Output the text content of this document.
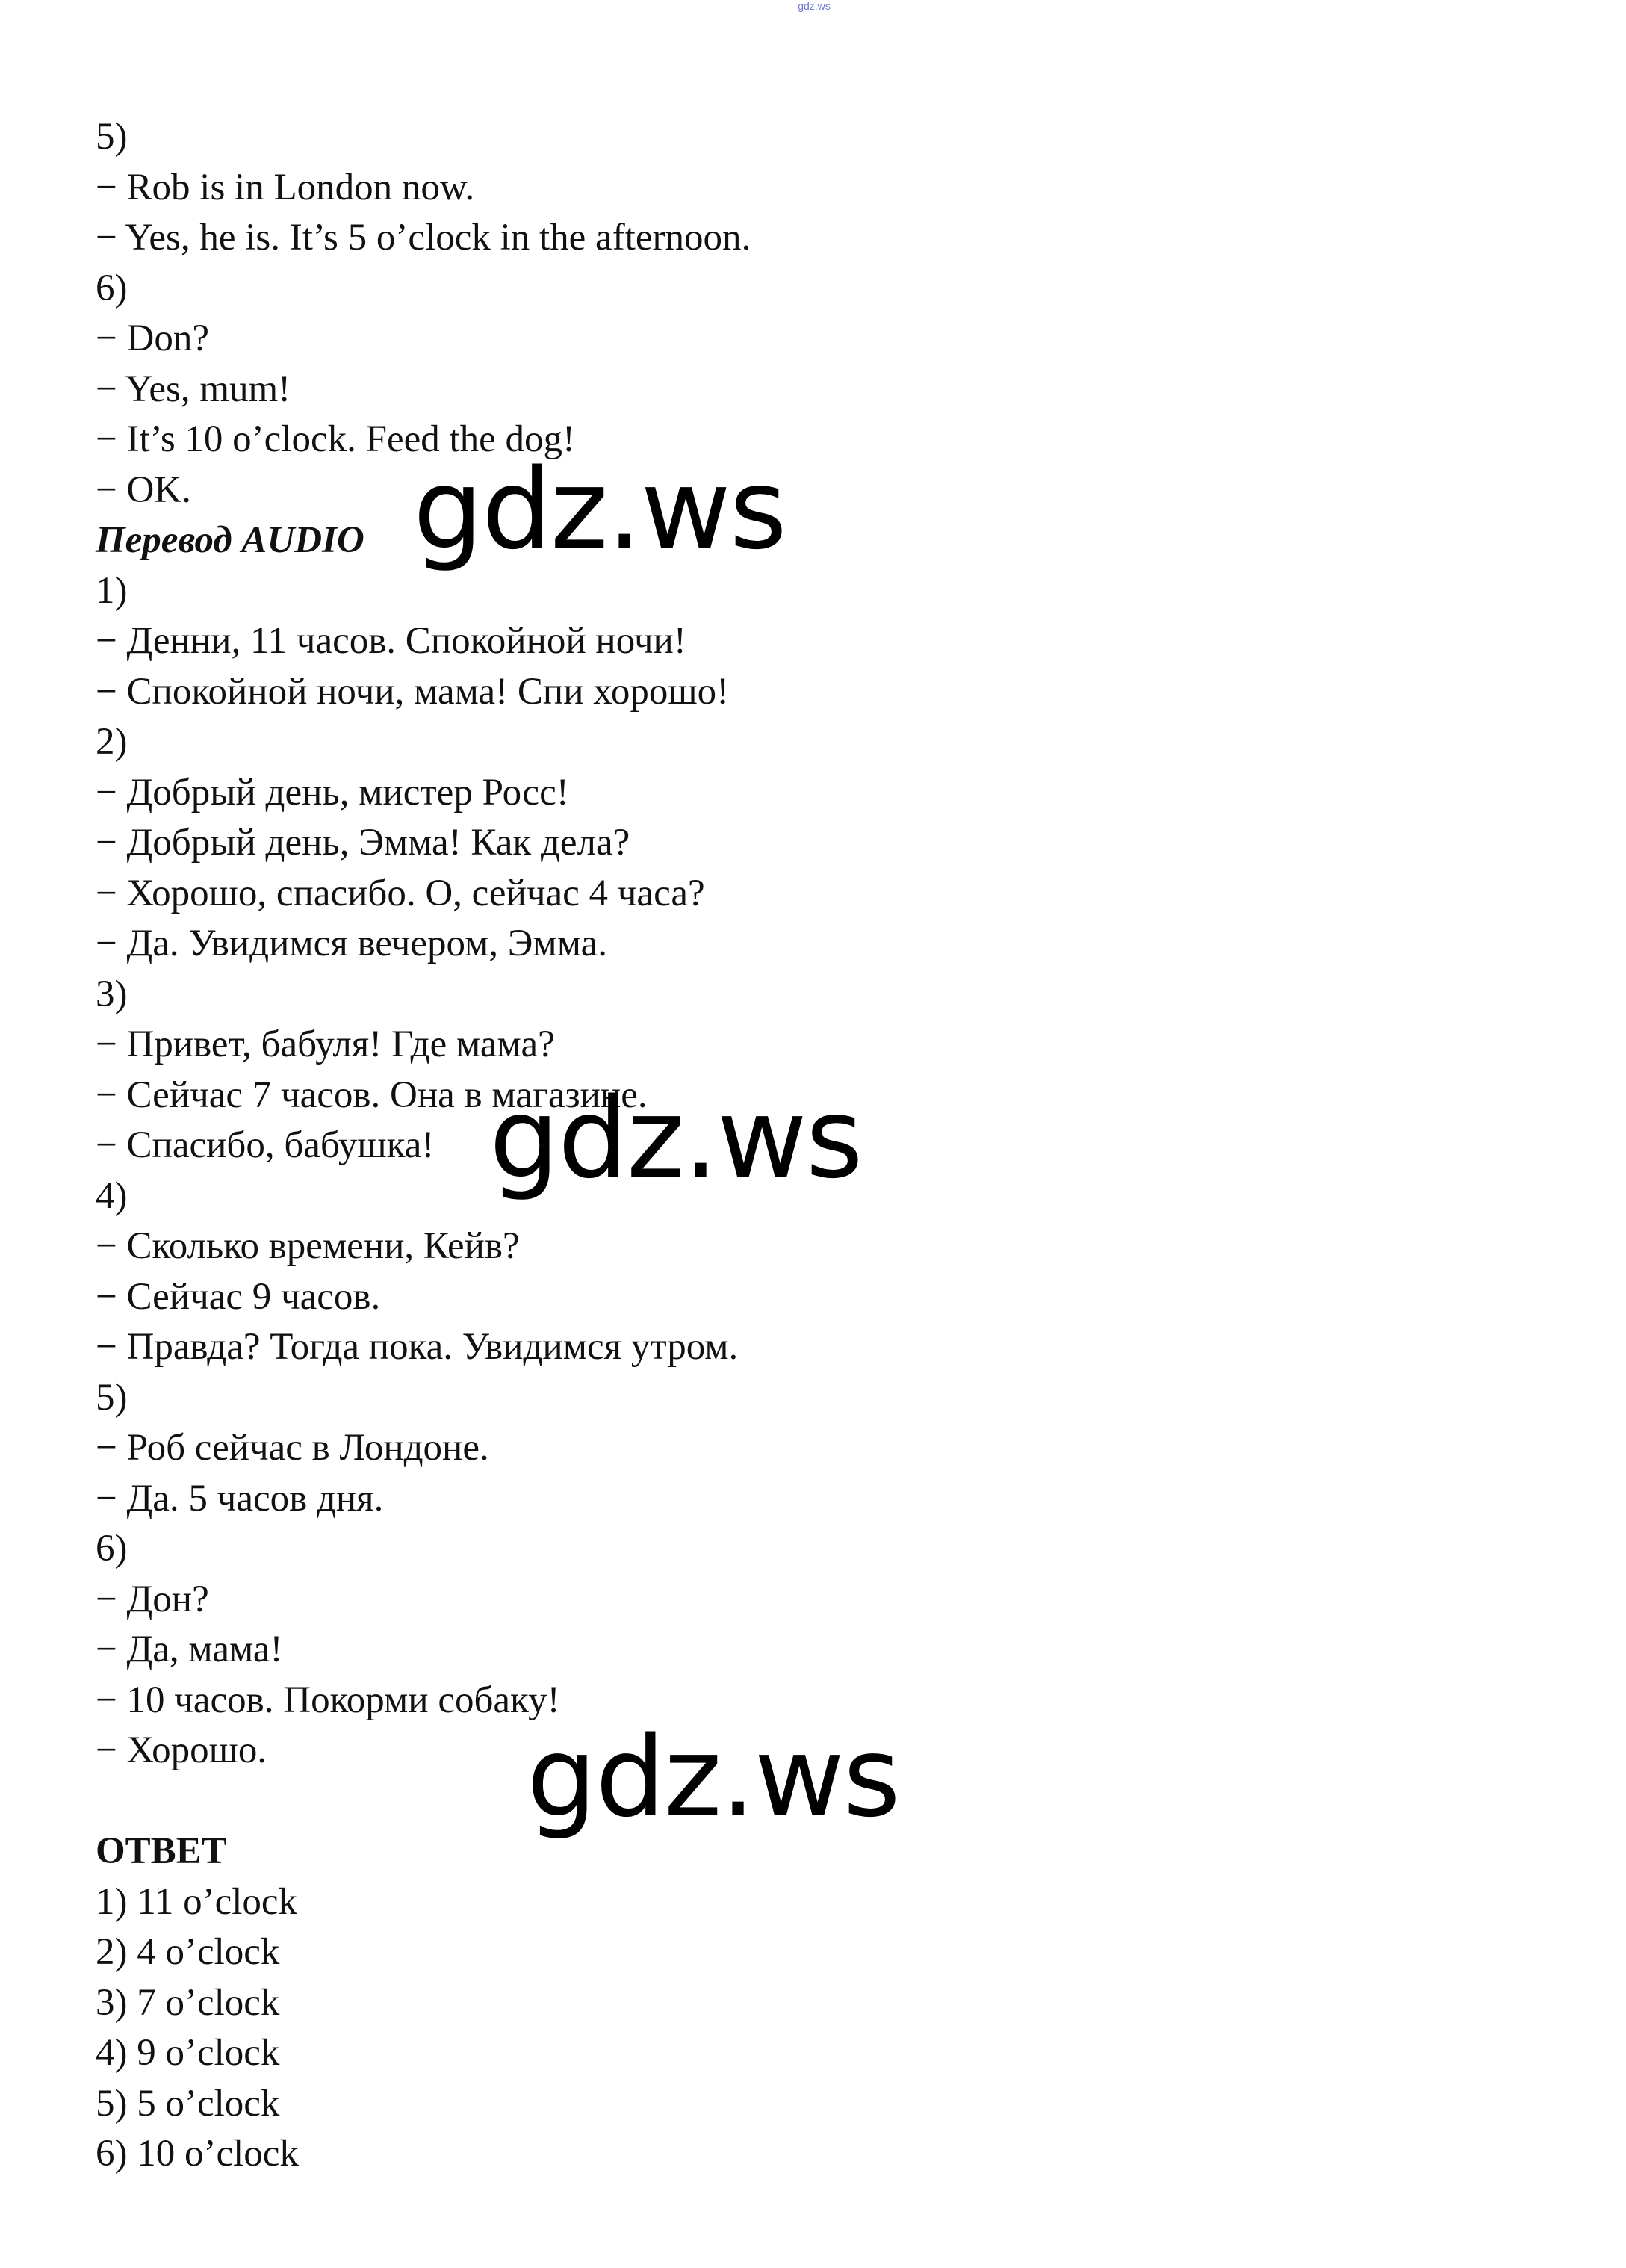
gdz.ws
5)
− Rob is in London now.
− Yes, he is. It’s 5 o’clock in the afternoon.
6)
− Don?
− Yes, mum!
− It’s 10 o’clock. Feed the dog!
− OK.
Перевод AUDIO
1)
− Денни, 11 часов. Спокойной ночи!
− Спокойной ночи, мама! Спи хорошо!
2)
− Добрый день, мистер Росс!
− Добрый день, Эмма! Как дела?
− Хорошо, спасибо. О, сейчас 4 часа?
− Да. Увидимся вечером, Эмма.
3)
− Привет, бабуля! Где мама?
− Сейчас 7 часов. Она в магазине.
− Спасибо, бабушка!
4)
− Сколько времени, Кейв?
− Сейчас 9 часов.
− Правда? Тогда пока. Увидимся утром.
5)
− Роб сейчас в Лондоне.
− Да. 5 часов дня.
6)
− Дон?
− Да, мама!
− 10 часов. Покорми собаку!
− Хорошо.
ОТВЕТ
1) 11 o’clock
2) 4 o’clock
3) 7 o’clock
4) 9 o’clock
5) 5 o’clock
6) 10 o’clock
gdz.ws
gdz.ws
gdz.ws
